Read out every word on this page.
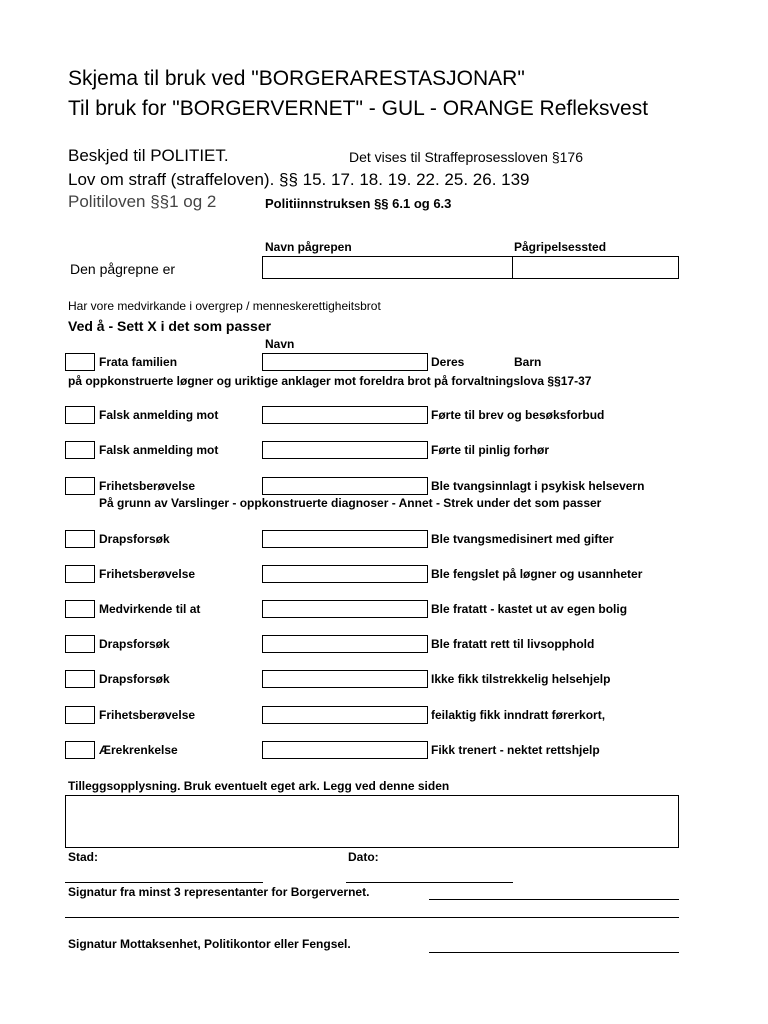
Skjema til bruk ved "BORGERARESTASJONAR"
Til bruk for "BORGERVERNET" - GUL - ORANGE Refleksvest
Beskjed til POLITIET.	Det vises til Straffeprosessloven §176
Lov om straff (straffeloven). §§ 15. 17. 18. 19. 22. 25. 26. 139
Politiloven §§1 og 2	Politiinnstruksen §§ 6.1 og 6.3
Navn pågrepen	Pågripelsessted
Den pågrepne er
Har vore medvirkande i overgrep / menneskerettigheitsbrot
Ved å - Sett X i det som passer
Navn
Frata familien	Deres	Barn
på oppkonstruerte løgner og uriktige anklager mot foreldra brot på forvaltningslova §§17-37
Falsk anmelding mot	Førte til brev og besøksforbud
Falsk anmelding mot	Førte til pinlig forhør
Frihetsberøvelse	Ble tvangsinnlagt i psykisk helsevern
På grunn av Varslinger - oppkonstruerte diagnoser - Annet - Strek under det som passer
Drapsforsøk	Ble tvangsmedisinert med gifter
Frihetsberøvelse	Ble fengslet på løgner og usannheter
Medvirkende til at	Ble fratatt - kastet ut av egen bolig
Drapsforsøk	Ble fratatt rett til livsopphold
Drapsforsøk	Ikke fikk tilstrekkelig helsehjelp
Frihetsberøvelse	feilaktig fikk inndratt førerkort,
Ærekrenkelse	Fikk trenert - nektet rettshjelp
Tilleggsopplysning. Bruk eventuelt eget ark. Legg ved denne siden
Stad:	Dato:
Signatur fra minst 3 representanter for Borgervernet.
Signatur Mottaksenhet, Politikontor eller Fengsel.
